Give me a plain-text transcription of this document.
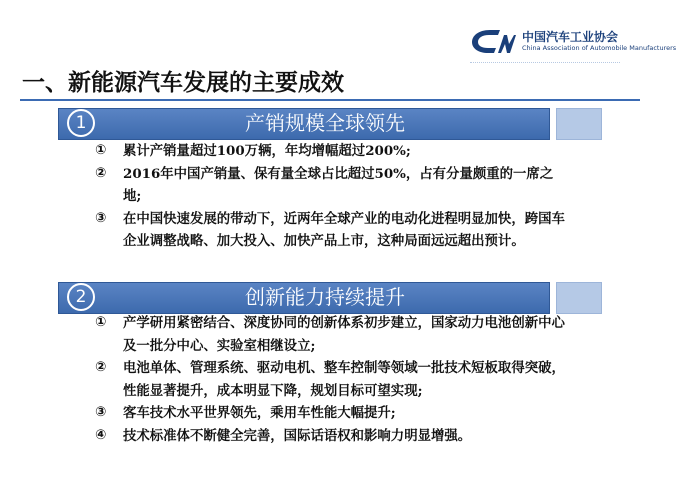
中国汽车工业协会
China Association of Automobile Manufacturers
一、新能源汽车发展的主要成效
1	产销规模全球领先
①	累计产销量超过100万辆，年均增幅超过200%;
②	2016年中国产销量、保有量全球占比超过50%，占有分量颇重的一席之地;
③	在中国快速发展的带动下，近两年全球产业的电动化进程明显加快，跨国车企业调整战略、加大投入、加快产品上市，这种局面远远超出预计。
2	创新能力持续提升
①	产学研用紧密结合、深度协同的创新体系初步建立，国家动力电池创新中心及一批分中心、实验室相继设立;
②	电池单体、管理系统、驱动电机、整车控制等领域一批技术短板取得突破，性能显著提升，成本明显下降，规划目标可望实现;
③	客车技术水平世界领先，乘用车性能大幅提升;
④	技术标准体不断健全完善，国际话语权和影响力明显增强。
